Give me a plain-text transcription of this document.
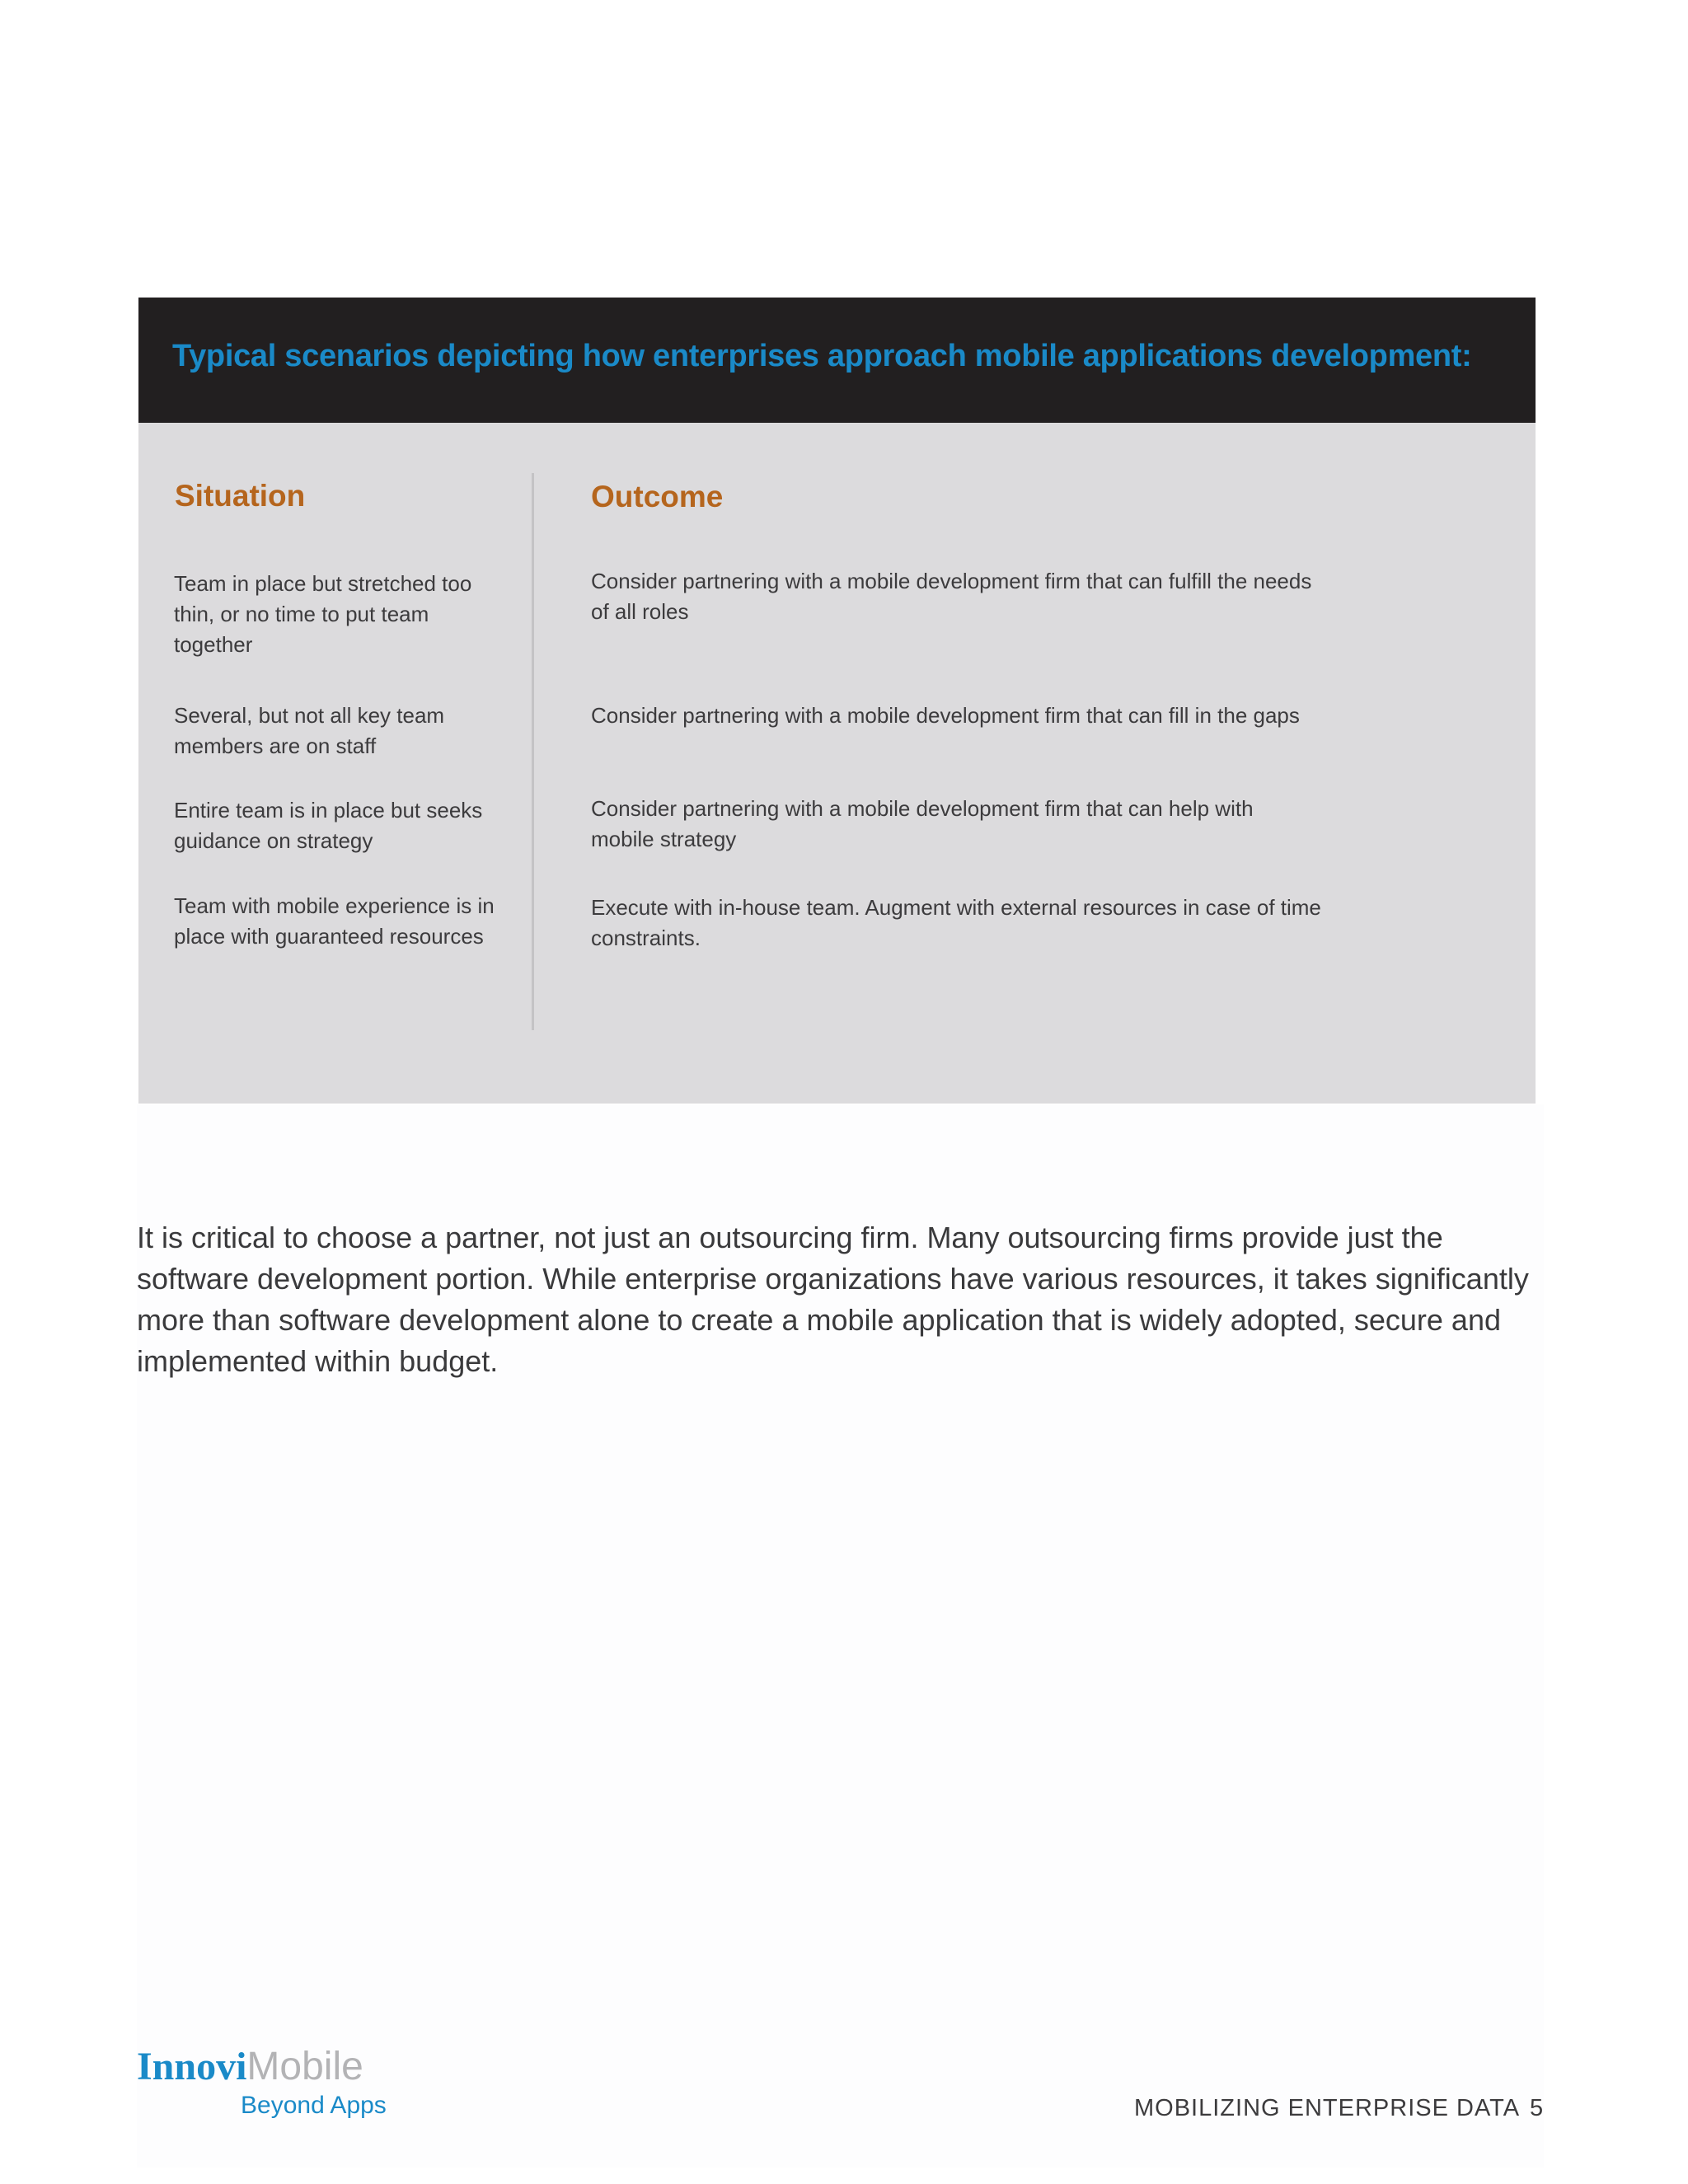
Typical scenarios depicting how enterprises approach mobile applications development:
Situation	Outcome

Team in place but stretched too thin, or no time to put team together

Consider partnering with a mobile development firm that can fulfill the needs of all roles

Several, but not all key team members are on staff

Consider partnering with a mobile development firm that can fill in the gaps

Entire team is in place but seeks guidance on strategy

Consider partnering with a mobile development firm that can help with mobile strategy

Team with mobile experience is in place with guaranteed resources

Execute with in-house team. Augment with external resources in case of time constraints.

It is critical to choose a partner, not just an outsourcing firm. Many outsourcing firms provide just the software development portion. While enterprise organizations have various resources, it takes significantly more than software development alone to create a mobile application that is widely adopted, secure and implemented within budget.

InnoviMobile
Beyond Apps	MOBILIZING ENTERPRISE DATA 5
